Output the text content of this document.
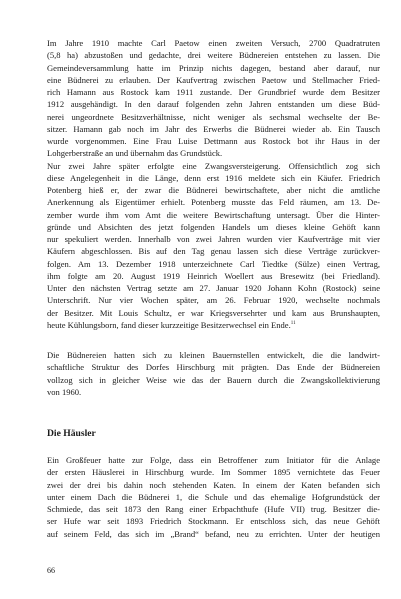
Im Jahre 1910 machte Carl Paetow einen zweiten Versuch, 2700 Quadratruten
(5,8 ha) abzustoßen und gedachte, drei weitere Büdnereien entstehen zu lassen. Die
Gemeindeversammlung hatte im Prinzip nichts dagegen, bestand aber darauf, nur
eine Büdnerei zu erlauben. Der Kaufvertrag zwischen Paetow und Stellmacher Fried-
rich Hamann aus Rostock kam 1911 zustande. Der Grundbrief wurde dem Besitzer
1912 ausgehändigt. In den darauf folgenden zehn Jahren entstanden um diese Büd-
nerei ungeordnete Besitzverhältnisse, nicht weniger als sechsmal wechselte der Be-
sitzer. Hamann gab noch im Jahr des Erwerbs die Büdnerei wieder ab. Ein Tausch
wurde vorgenommen. Eine Frau Luise Dettmann aus Rostock bot ihr Haus in der
Lohgerberstraße an und übernahm das Grundstück.
Nur zwei Jahre später erfolgte eine Zwangsversteigerung. Offensichtlich zog sich
diese Angelegenheit in die Länge, denn erst 1916 meldete sich ein Käufer. Friedrich
Potenberg hieß er, der zwar die Büdnerei bewirtschaftete, aber nicht die amtliche
Anerkennung als Eigentümer erhielt. Potenberg musste das Feld räumen, am 13. De-
zember wurde ihm vom Amt die weitere Bewirtschaftung untersagt. Über die Hinter-
gründe und Absichten des jetzt folgenden Handels um dieses kleine Gehöft kann
nur spekuliert werden. Innerhalb von zwei Jahren wurden vier Kaufverträge mit vier
Käufern abgeschlossen. Bis auf den Tag genau lassen sich diese Verträge zurückver-
folgen. Am 13. Dezember 1918 unterzeichnete Carl Tiedtke (Sülze) einen Vertrag,
ihm folgte am 20. August 1919 Heinrich Woellert aus Bresewitz (bei Friedland).
Unter den nächsten Vertrag setzte am 27. Januar 1920 Johann Kohn (Rostock) seine
Unterschrift. Nur vier Wochen später, am 26. Februar 1920, wechselte nochmals
der Besitzer. Mit Louis Schultz, er war Kriegsversehrter und kam aus Brunshaupten,
heute Kühlungsborn, fand dieser kurzzeitige Besitzerwechsel ein Ende.$^{11}$
Die Büdnereien hatten sich zu kleinen Bauernstellen entwickelt, die die landwirt-
schaftliche Struktur des Dorfes Hirschburg mit prägten. Das Ende der Büdnereien
vollzog sich in gleicher Weise wie das der Bauern durch die Zwangskollektivierung
von 1960.
Die Häusler
Ein Großfeuer hatte zur Folge, dass ein Betroffener zum Initiator für die Anlage
der ersten Häuslerei in Hirschburg wurde. Im Sommer 1895 vernichtete das Feuer
zwei der drei bis dahin noch stehenden Katen. In einem der Katen befanden sich
unter einem Dach die Büdnerei 1, die Schule und das ehemalige Hofgrundstück der
Schmiede, das seit 1873 den Rang einer Erbpachthufe (Hufe VII) trug. Besitzer die-
ser Hufe war seit 1893 Friedrich Stockmann. Er entschloss sich, das neue Gehöft
auf seinem Feld, das sich im „Brand“ befand, neu zu errichten. Unter der heutigen
66
